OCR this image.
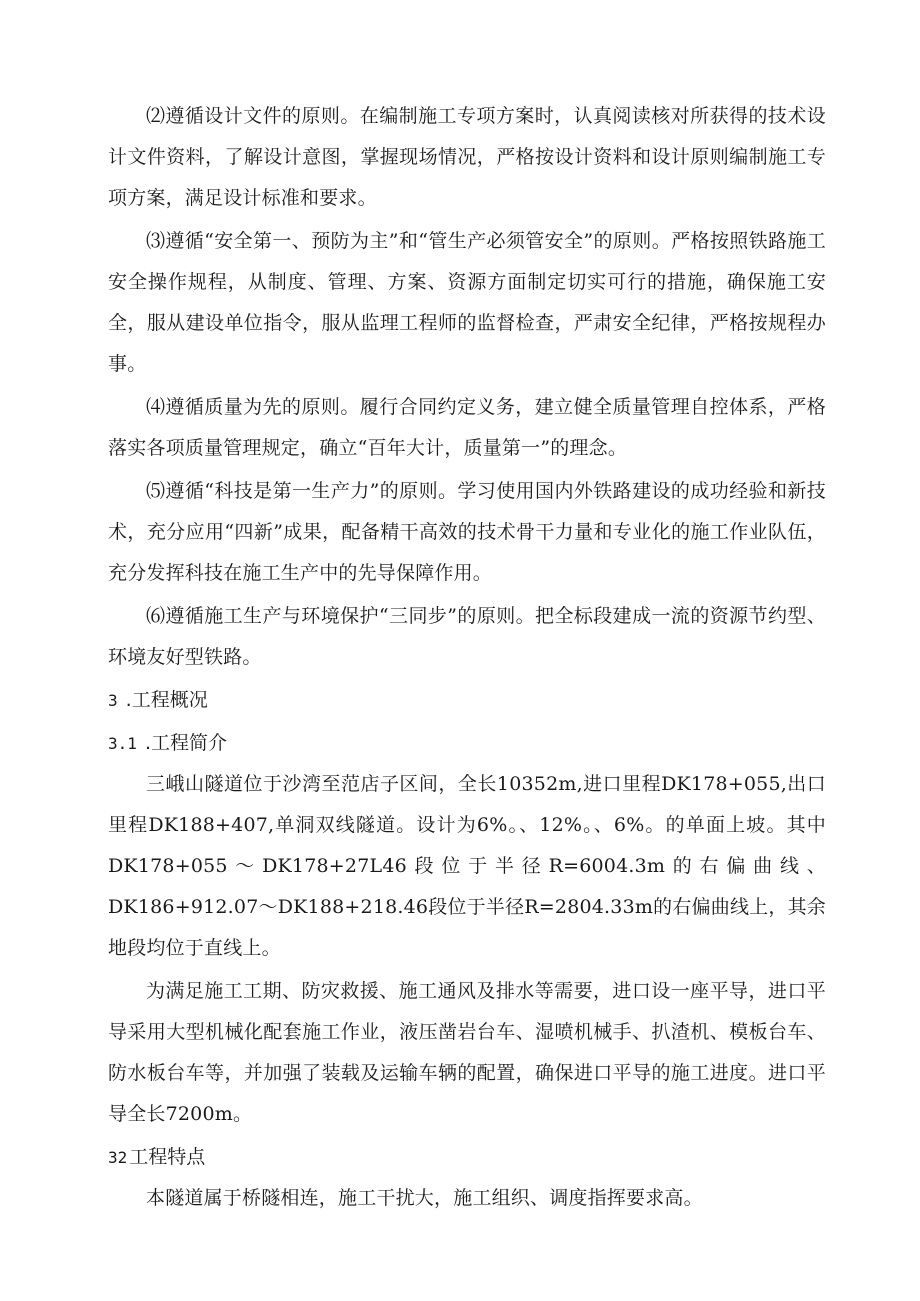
⑵遵循设计文件的原则。在编制施工专项方案时，认真阅读核对所获得的技术设计文件资料，了解设计意图，掌握现场情况，严格按设计资料和设计原则编制施工专项方案，满足设计标准和要求。

⑶遵循“安全第一、预防为主”和“管生产必须管安全”的原则。严格按照铁路施工安全操作规程，从制度、管理、方案、资源方面制定切实可行的措施，确保施工安全，服从建设单位指令，服从监理工程师的监督检查，严肃安全纪律，严格按规程办事。

⑷遵循质量为先的原则。履行合同约定义务，建立健全质量管理自控体系，严格落实各项质量管理规定，确立“百年大计，质量第一”的理念。

⑸遵循“科技是第一生产力”的原则。学习使用国内外铁路建设的成功经验和新技术，充分应用“四新”成果，配备精干高效的技术骨干力量和专业化的施工作业队伍，充分发挥科技在施工生产中的先导保障作用。

⑹遵循施工生产与环境保护“三同步”的原则。把全标段建成一流的资源节约型、环境友好型铁路。

3 .工程概况
3.1 .工程简介

三峨山隧道位于沙湾至范店子区间，全长10352m,进口里程DK178+055,出口里程DK188+407,单洞双线隧道。设计为6%。、12%。、6%。的单面上坡。其中DK178+055～DK178+27L46段位于半径R=6004.3m的右偏曲线、DK186+912.07～DK188+218.46段位于半径R=2804.33m的右偏曲线上，其余地段均位于直线上。

为满足施工工期、防灾救援、施工通风及排水等需要，进口设一座平导，进口平导采用大型机械化配套施工作业，液压凿岩台车、湿喷机械手、扒渣机、模板台车、防水板台车等，并加强了装载及运输车辆的配置，确保进口平导的施工进度。进口平导全长7200m。

32 工程特点

本隧道属于桥隧相连，施工干扰大，施工组织、调度指挥要求高。
